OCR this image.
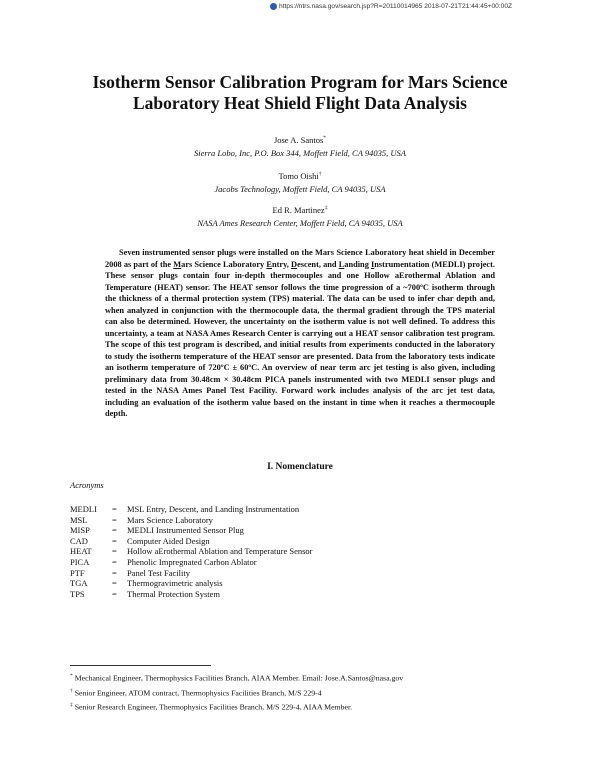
https://ntrs.nasa.gov/search.jsp?R=20110014965 2018-07-21T21:44:45+00:00Z
Isotherm Sensor Calibration Program for Mars Science Laboratory Heat Shield Flight Data Analysis
Jose A. Santos*
Sierra Lobo, Inc, P.O. Box 344, Moffett Field, CA 94035, USA
Tomo Oishi†
Jacobs Technology, Moffett Field, CA 94035, USA
Ed R. Martinez‡
NASA Ames Research Center, Moffett Field, CA 94035, USA

Seven instrumented sensor plugs were installed on the Mars Science Laboratory heat shield in December 2008 as part of the Mars Science Laboratory Entry, Descent, and Landing Instrumentation (MEDLI) project. These sensor plugs contain four in-depth thermocouples and one Hollow aErothermal Ablation and Temperature (HEAT) sensor. The HEAT sensor follows the time progression of a ~700ºC isotherm through the thickness of a thermal protection system (TPS) material. The data can be used to infer char depth and, when analyzed in conjunction with the thermocouple data, the thermal gradient through the TPS material can also be determined. However, the uncertainty on the isotherm value is not well defined. To address this uncertainty, a team at NASA Ames Research Center is carrying out a HEAT sensor calibration test program. The scope of this test program is described, and initial results from experiments conducted in the laboratory to study the isotherm temperature of the HEAT sensor are presented. Data from the laboratory tests indicate an isotherm temperature of 720ºC ± 60ºC. An overview of near term arc jet testing is also given, including preliminary data from 30.48cm × 30.48cm PICA panels instrumented with two MEDLI sensor plugs and tested in the NASA Ames Panel Test Facility. Forward work includes analysis of the arc jet test data, including an evaluation of the isotherm value based on the instant in time when it reaches a thermocouple depth.

I. Nomenclature
Acronyms
MEDLI	=	MSL Entry, Descent, and Landing Instrumentation
MSL	=	Mars Science Laboratory
MISP	=	MEDLI Instrumented Sensor Plug
CAD	=	Computer Aided Design
HEAT	=	Hollow aErothermal Ablation and Temperature Sensor
PICA	=	Phenolic Impregnated Carbon Ablator
PTF	=	Panel Test Facility
TGA	=	Thermogravimetric analysis
TPS	=	Thermal Protection System
* Mechanical Engineer, Thermophysics Facilities Branch, AIAA Member. Email: Jose.A.Santos@nasa.gov
† Senior Engineer, ATOM contract, Thermophysics Facilities Branch, M/S 229-4
‡ Senior Research Engineer, Thermophysics Facilities Branch, M/S 229-4. AIAA Member.
